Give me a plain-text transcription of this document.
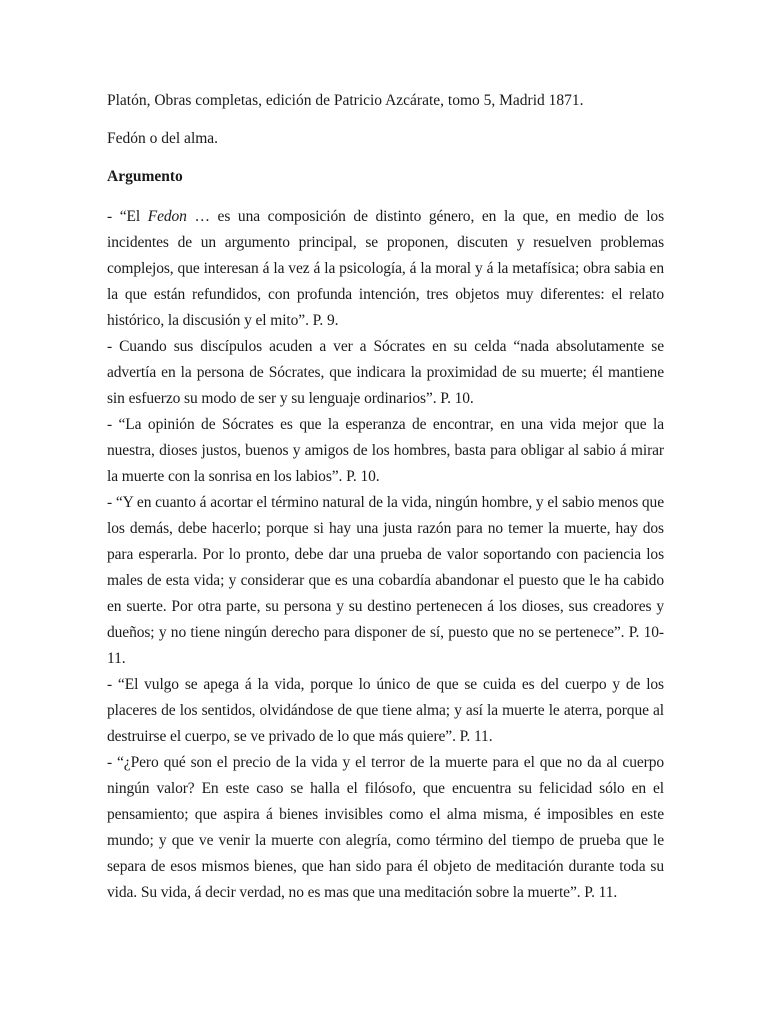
Platón, Obras completas, edición de Patricio Azcárate, tomo 5, Madrid 1871.

Fedón o del alma.

Argumento

- “El Fedon … es una composición de distinto género, en la que, en medio de los incidentes de un argumento principal, se proponen, discuten y resuelven problemas complejos, que interesan á la vez á la psicología, á la moral y á la metafísica; obra sabia en la que están refundidos, con profunda intención, tres objetos muy diferentes: el relato histórico, la discusión y el mito”. P. 9.

- Cuando sus discípulos acuden a ver a Sócrates en su celda “nada absolutamente se advertía en la persona de Sócrates, que indicara la proximidad de su muerte; él mantiene sin esfuerzo su modo de ser y su lenguaje ordinarios”. P. 10.

- “La opinión de Sócrates es que la esperanza de encontrar, en una vida mejor que la nuestra, dioses justos, buenos y amigos de los hombres, basta para obligar al sabio á mirar la muerte con la sonrisa en los labios”. P. 10.

- “Y en cuanto á acortar el término natural de la vida, ningún hombre, y el sabio menos que los demás, debe hacerlo; porque si hay una justa razón para no temer la muerte, hay dos para esperarla. Por lo pronto, debe dar una prueba de valor soportando con paciencia los males de esta vida; y considerar que es una cobardía abandonar el puesto que le ha cabido en suerte. Por otra parte, su persona y su destino pertenecen á los dioses, sus creadores y dueños; y no tiene ningún derecho para disponer de sí, puesto que no se pertenece”. P. 10-11.

- “El vulgo se apega á la vida, porque lo único de que se cuida es del cuerpo y de los placeres de los sentidos, olvidándose de que tiene alma; y así la muerte le aterra, porque al destruirse el cuerpo, se ve privado de lo que más quiere”. P. 11.

- “¿Pero qué son el precio de la vida y el terror de la muerte para el que no da al cuerpo ningún valor? En este caso se halla el filósofo, que encuentra su felicidad sólo en el pensamiento; que aspira á bienes invisibles como el alma misma, é imposibles en este mundo; y que ve venir la muerte con alegría, como término del tiempo de prueba que le separa de esos mismos bienes, que han sido para él objeto de meditación durante toda su vida. Su vida, á decir verdad, no es mas que una meditación sobre la muerte”. P. 11.
